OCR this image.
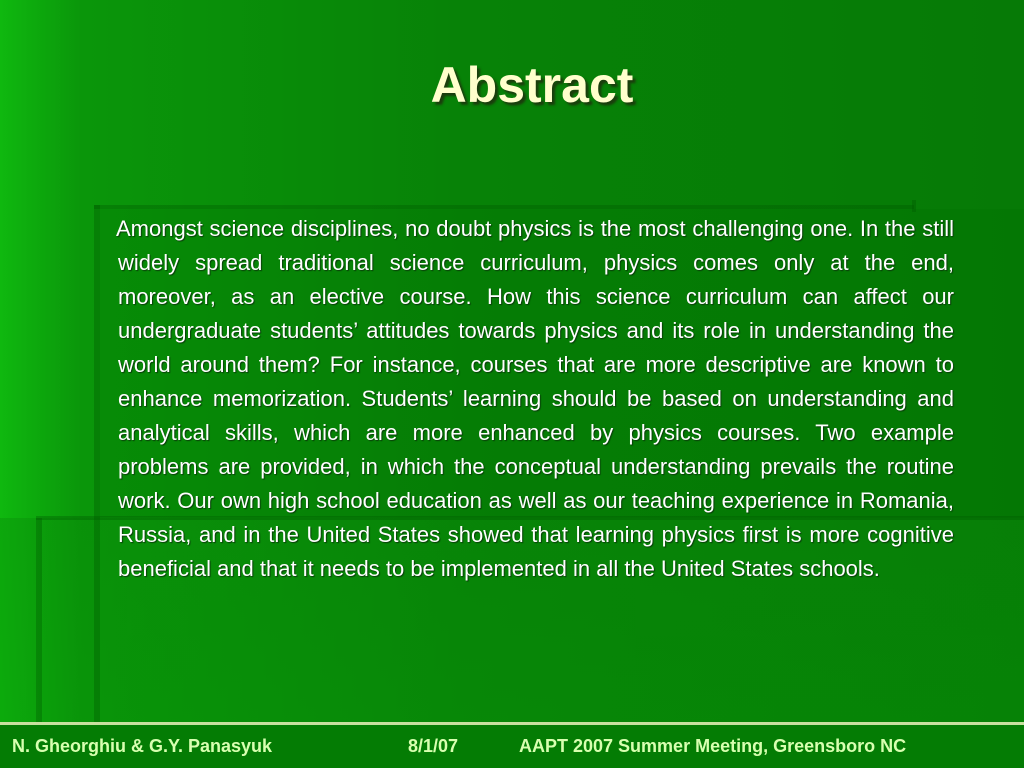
Abstract

Amongst science disciplines, no doubt physics is the most challenging one. In the still widely spread traditional science curriculum, physics comes only at the end, moreover, as an elective course. How this science curriculum can affect our undergraduate students’ attitudes towards physics and its role in understanding the world around them? For instance, courses that are more descriptive are known to enhance memorization. Students’ learning should be based on understanding and analytical skills, which are more enhanced by physics courses. Two example problems are provided, in which the conceptual understanding prevails the routine work. Our own high school education as well as our teaching experience in Romania, Russia, and in the United States showed that learning physics first is more cognitive beneficial and that it needs to be implemented in all the United States schools.

N. Gheorghiu & G.Y. Panasyuk	8/1/07	AAPT 2007 Summer Meeting, Greensboro NC
